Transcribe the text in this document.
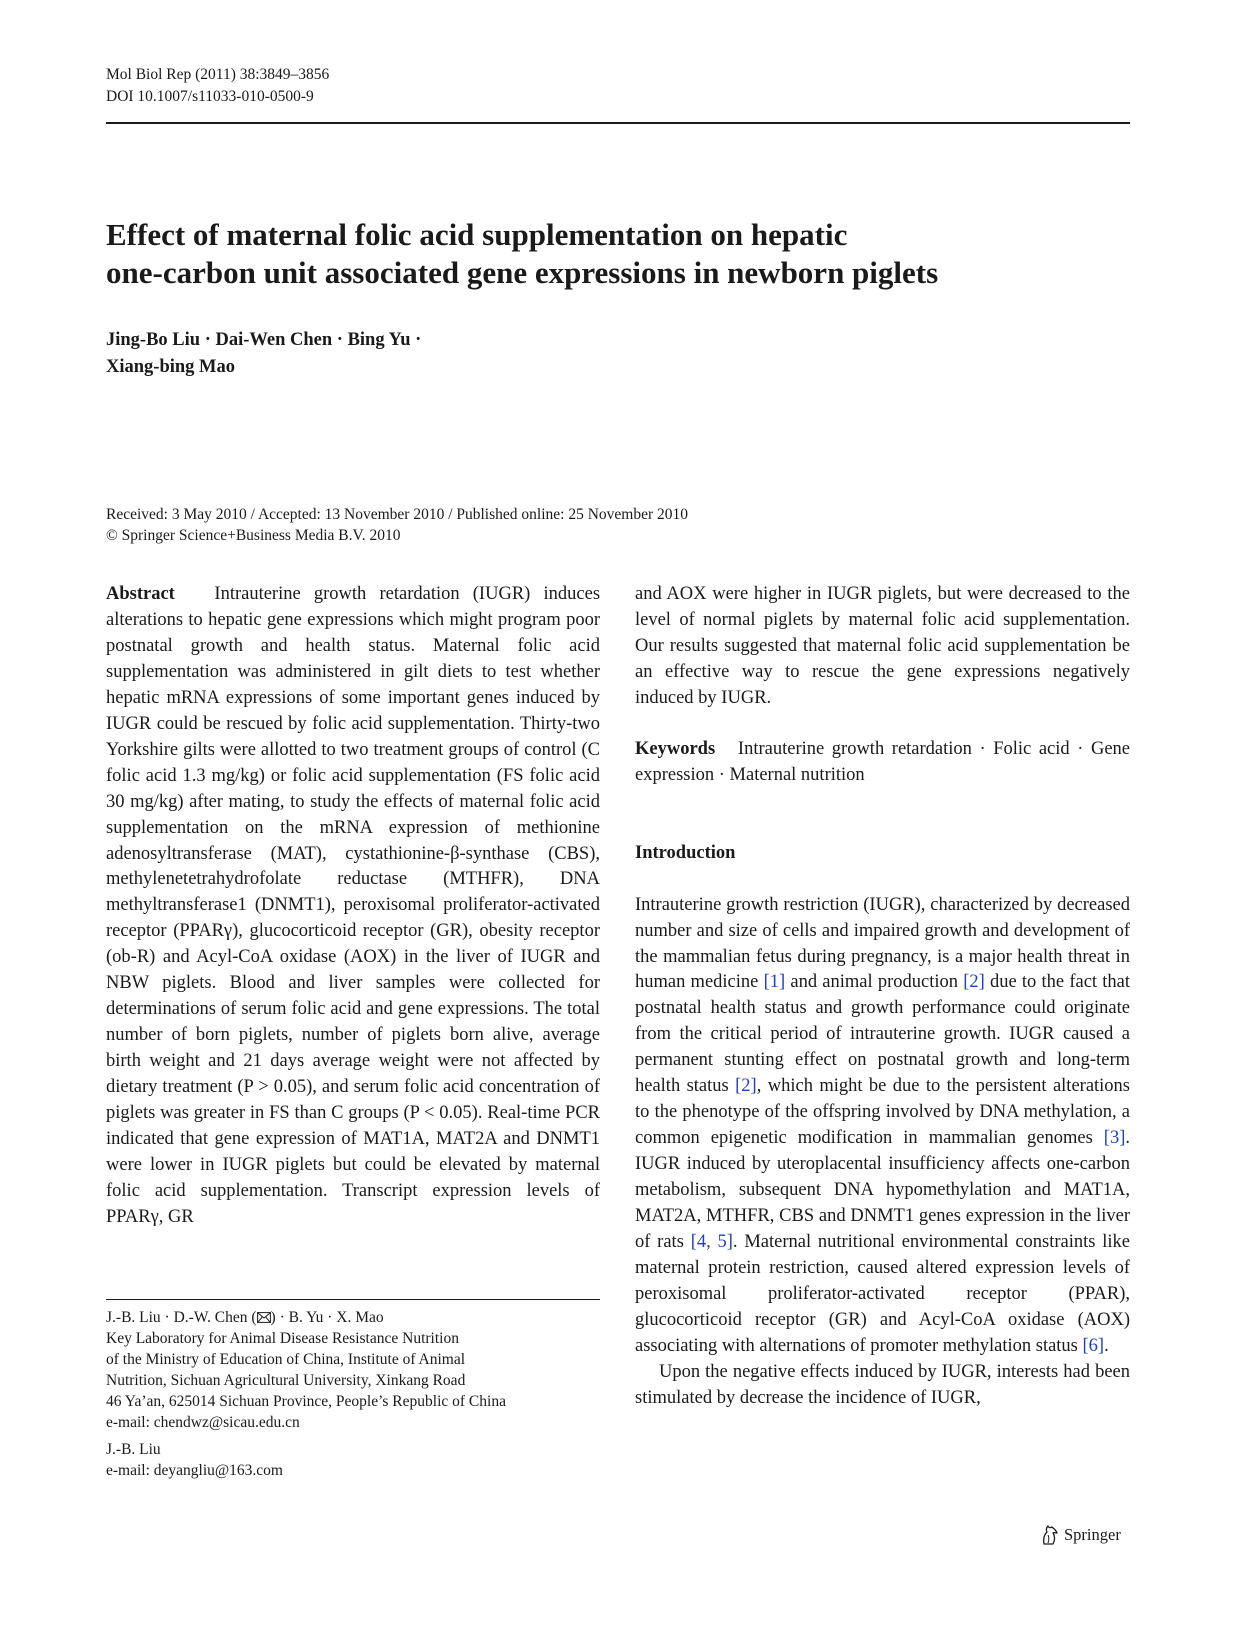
Mol Biol Rep (2011) 38:3849–3856
DOI 10.1007/s11033-010-0500-9
Effect of maternal folic acid supplementation on hepatic
one-carbon unit associated gene expressions in newborn piglets
Jing-Bo Liu · Dai-Wen Chen · Bing Yu ·
Xiang-bing Mao
Received: 3 May 2010 / Accepted: 13 November 2010 / Published online: 25 November 2010
© Springer Science+Business Media B.V. 2010

Abstract Intrauterine growth retardation (IUGR) induces alterations to hepatic gene expressions which might program poor postnatal growth and health status. Maternal folic acid supplementation was administered in gilt diets to test whether hepatic mRNA expressions of some important genes induced by IUGR could be rescued by folic acid supplementation. Thirty-two Yorkshire gilts were allotted to two treatment groups of control (C folic acid 1.3 mg/kg) or folic acid supplementation (FS folic acid 30 mg/kg) after mating, to study the effects of maternal folic acid supplementation on the mRNA expression of methionine adenosyltransferase (MAT), cystathionine-β-synthase (CBS), methylenetetrahydrofolate reductase (MTHFR), DNA methyltransferase1 (DNMT1), peroxisomal proliferator-activated receptor (PPARγ), glucocorticoid receptor (GR), obesity receptor (ob-R) and Acyl-CoA oxidase (AOX) in the liver of IUGR and NBW piglets. Blood and liver samples were collected for determinations of serum folic acid and gene expressions. The total number of born piglets, number of piglets born alive, average birth weight and 21 days average weight were not affected by dietary treatment (P > 0.05), and serum folic acid concentration of piglets was greater in FS than C groups (P < 0.05). Real-time PCR indicated that gene expression of MAT1A, MAT2A and DNMT1 were lower in IUGR piglets but could be elevated by maternal folic acid supplementation. Transcript expression levels of PPARγ, GR

J.-B. Liu · D.-W. Chen ( ) · B. Yu · X. Mao

Key Laboratory for Animal Disease Resistance Nutrition

of the Ministry of Education of China, Institute of Animal

Nutrition, Sichuan Agricultural University, Xinkang Road

46 Ya’an, 625014 Sichuan Province, People’s Republic of China

e-mail: chendwz@sicau.edu.cn

J.-B. Liu

e-mail: deyangliu@163.com

and AOX were higher in IUGR piglets, but were decreased to the level of normal piglets by maternal folic acid supplementation. Our results suggested that maternal folic acid supplementation be an effective way to rescue the gene expressions negatively induced by IUGR.

Keywords Intrauterine growth retardation · Folic acid · Gene expression · Maternal nutrition

Introduction

Intrauterine growth restriction (IUGR), characterized by decreased number and size of cells and impaired growth and development of the mammalian fetus during pregnancy, is a major health threat in human medicine [1] and animal production [2] due to the fact that postnatal health status and growth performance could originate from the critical period of intrauterine growth. IUGR caused a permanent stunting effect on postnatal growth and long-term health status [2], which might be due to the persistent alterations to the phenotype of the offspring involved by DNA methylation, a common epigenetic modification in mammalian genomes [3]. IUGR induced by uteroplacental insufficiency affects one-carbon metabolism, subsequent DNA hypomethylation and MAT1A, MAT2A, MTHFR, CBS and DNMT1 genes expression in the liver of rats [4, 5]. Maternal nutritional environmental constraints like maternal protein restriction, caused altered expression levels of peroxisomal proliferator-activated receptor (PPAR), glucocorticoid receptor (GR) and Acyl-CoA oxidase (AOX) associating with alternations of promoter methylation status [6].

Upon the negative effects induced by IUGR, interests had been stimulated by decrease the incidence of IUGR,

Springer
